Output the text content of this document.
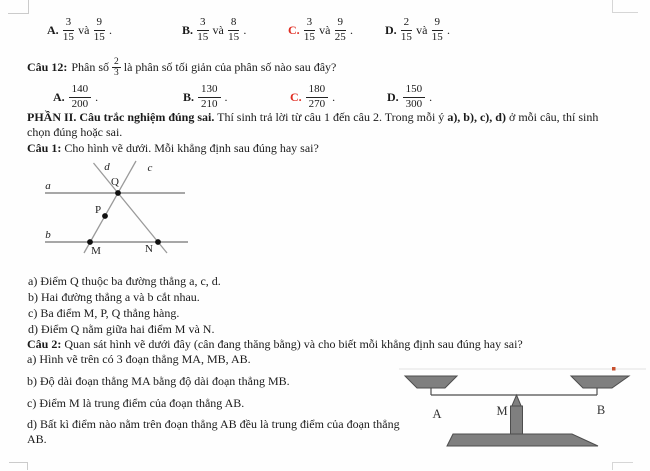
A. $\frac{3}{15}$ và $\frac{9}{15}$ .	B. $\frac{3}{15}$ và $\frac{8}{15}$ .	C. $\frac{3}{15}$ và $\frac{9}{25}$ .	D. $\frac{2}{15}$ và $\frac{9}{15}$ .
Câu 12: Phân số $\frac{2}{3}$ là phân số tối giản của phân số nào sau đây?
A. $\frac{140}{200}$ .	B. $\frac{130}{210}$ .	C. $\frac{180}{270}$ .	D. $\frac{150}{300}$ .
PHẦN II. Câu trắc nghiệm đúng sai. Thí sinh trả lời từ câu 1 đến câu 2. Trong mỗi ý a), b), c), d) ở mỗi câu, thí sinh
chọn đúng hoặc sai.
Câu 1: Cho hình vẽ dưới. Mỗi khẳng định sau đúng hay sai?
a
b
d	c
Q
P
M	N
a) Điểm Q thuộc ba đường thẳng a, c, d.
b) Hai đường thẳng a và b cắt nhau.
c) Ba điểm M, P, Q thẳng hàng.
d) Điểm Q nằm giữa hai điểm M và N.
Câu 2: Quan sát hình vẽ dưới đây (cân đang thăng bằng) và cho biết mỗi khẳng định sau đúng hay sai?
a) Hình vẽ trên có 3 đoạn thẳng MA, MB, AB.
b) Độ dài đoạn thẳng MA bằng độ dài đoạn thẳng MB.
c) Điểm M là trung điểm của đoạn thẳng AB.
d) Bất kì điểm nào nằm trên đoạn thẳng AB đều là trung điểm của đoạn thẳng AB.
A	M	B
